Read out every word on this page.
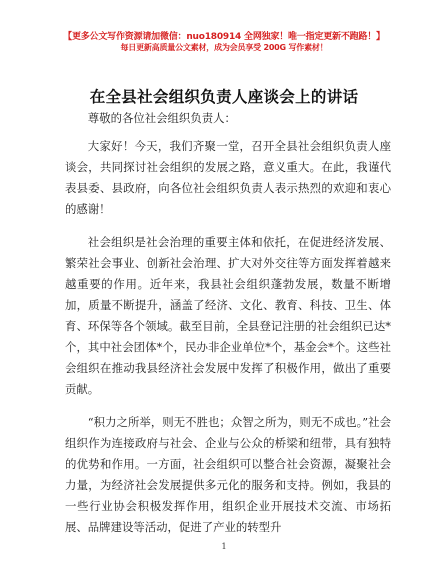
【更多公文写作资源请加微信：nuo180914 全网独家！唯一指定更新不跑路！】
每日更新高质量公文素材，成为会员享受 200G 写作素材！
在全县社会组织负责人座谈会上的讲话

尊敬的各位社会组织负责人：

大家好！今天，我们齐聚一堂，召开全县社会组织负责人座谈会，共同探讨社会组织的发展之路，意义重大。在此，我谨代表县委、县政府，向各位社会组织负责人表示热烈的欢迎和衷心的感谢！

社会组织是社会治理的重要主体和依托，在促进经济发展、繁荣社会事业、创新社会治理、扩大对外交往等方面发挥着越来越重要的作用。近年来，我县社会组织蓬勃发展，数量不断增加，质量不断提升，涵盖了经济、文化、教育、科技、卫生、体育、环保等各个领域。截至目前，全县登记注册的社会组织已达*个，其中社会团体*个，民办非企业单位*个，基金会*个。这些社会组织在推动我县经济社会发展中发挥了积极作用，做出了重要贡献。

“积力之所举，则无不胜也；众智之所为，则无不成也。”社会组织作为连接政府与社会、企业与公众的桥梁和纽带，具有独特的优势和作用。一方面，社会组织可以整合社会资源，凝聚社会力量，为经济社会发展提供多元化的服务和支持。例如，我县的一些行业协会积极发挥作用，组织企业开展技术交流、市场拓展、品牌建设等活动，促进了产业的转型升

1
